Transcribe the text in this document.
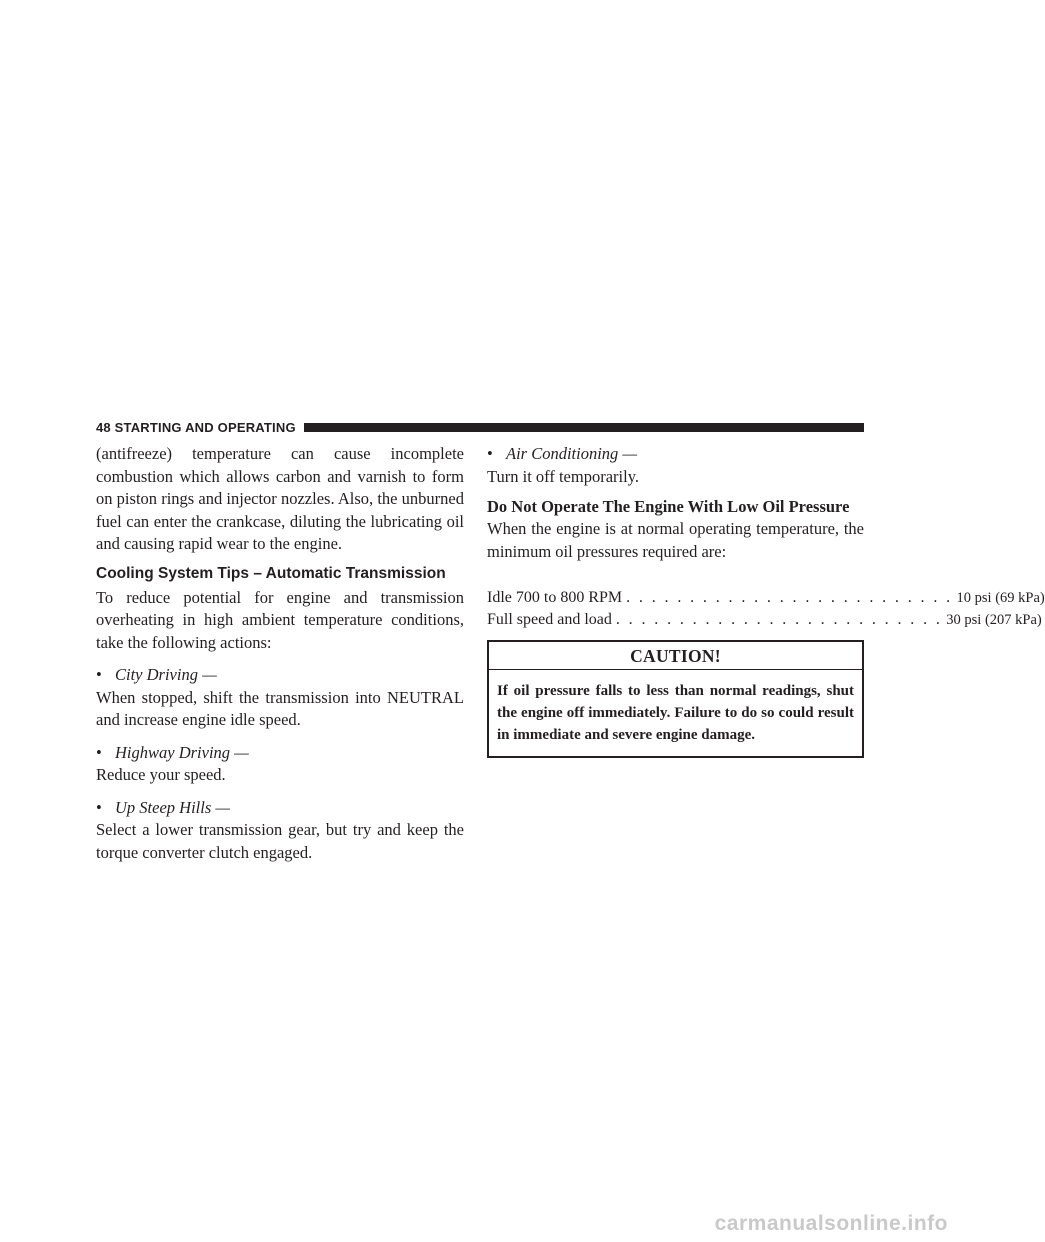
48 STARTING AND OPERATING

(antifreeze) temperature can cause incomplete combustion which allows carbon and varnish to form on piston rings and injector nozzles. Also, the unburned fuel can enter the crankcase, diluting the lubricating oil and causing rapid wear to the engine.

Cooling System Tips – Automatic Transmission

To reduce potential for engine and transmission overheating in high ambient temperature conditions, take the following actions:

• City Driving —

When stopped, shift the transmission into NEUTRAL and increase engine idle speed.

• Highway Driving —

Reduce your speed.

• Up Steep Hills —

Select a lower transmission gear, but try and keep the torque converter clutch engaged.

• Air Conditioning —

Turn it off temporarily.

Do Not Operate The Engine With Low Oil Pressure

When the engine is at normal operating temperature, the minimum oil pressures required are:

Idle 700 to 800 RPM . . . . . . . . . . . . . . . . . . . . . . . . . . 10 psi (69 kPa)
Full speed and load . . . . . . . . . . . . . . . . . . . . . . . . . . 30 psi (207 kPa)
CAUTION!
If oil pressure falls to less than normal readings, shut the engine off immediately. Failure to do so could result in immediate and severe engine damage.
carmanualsonline.info
